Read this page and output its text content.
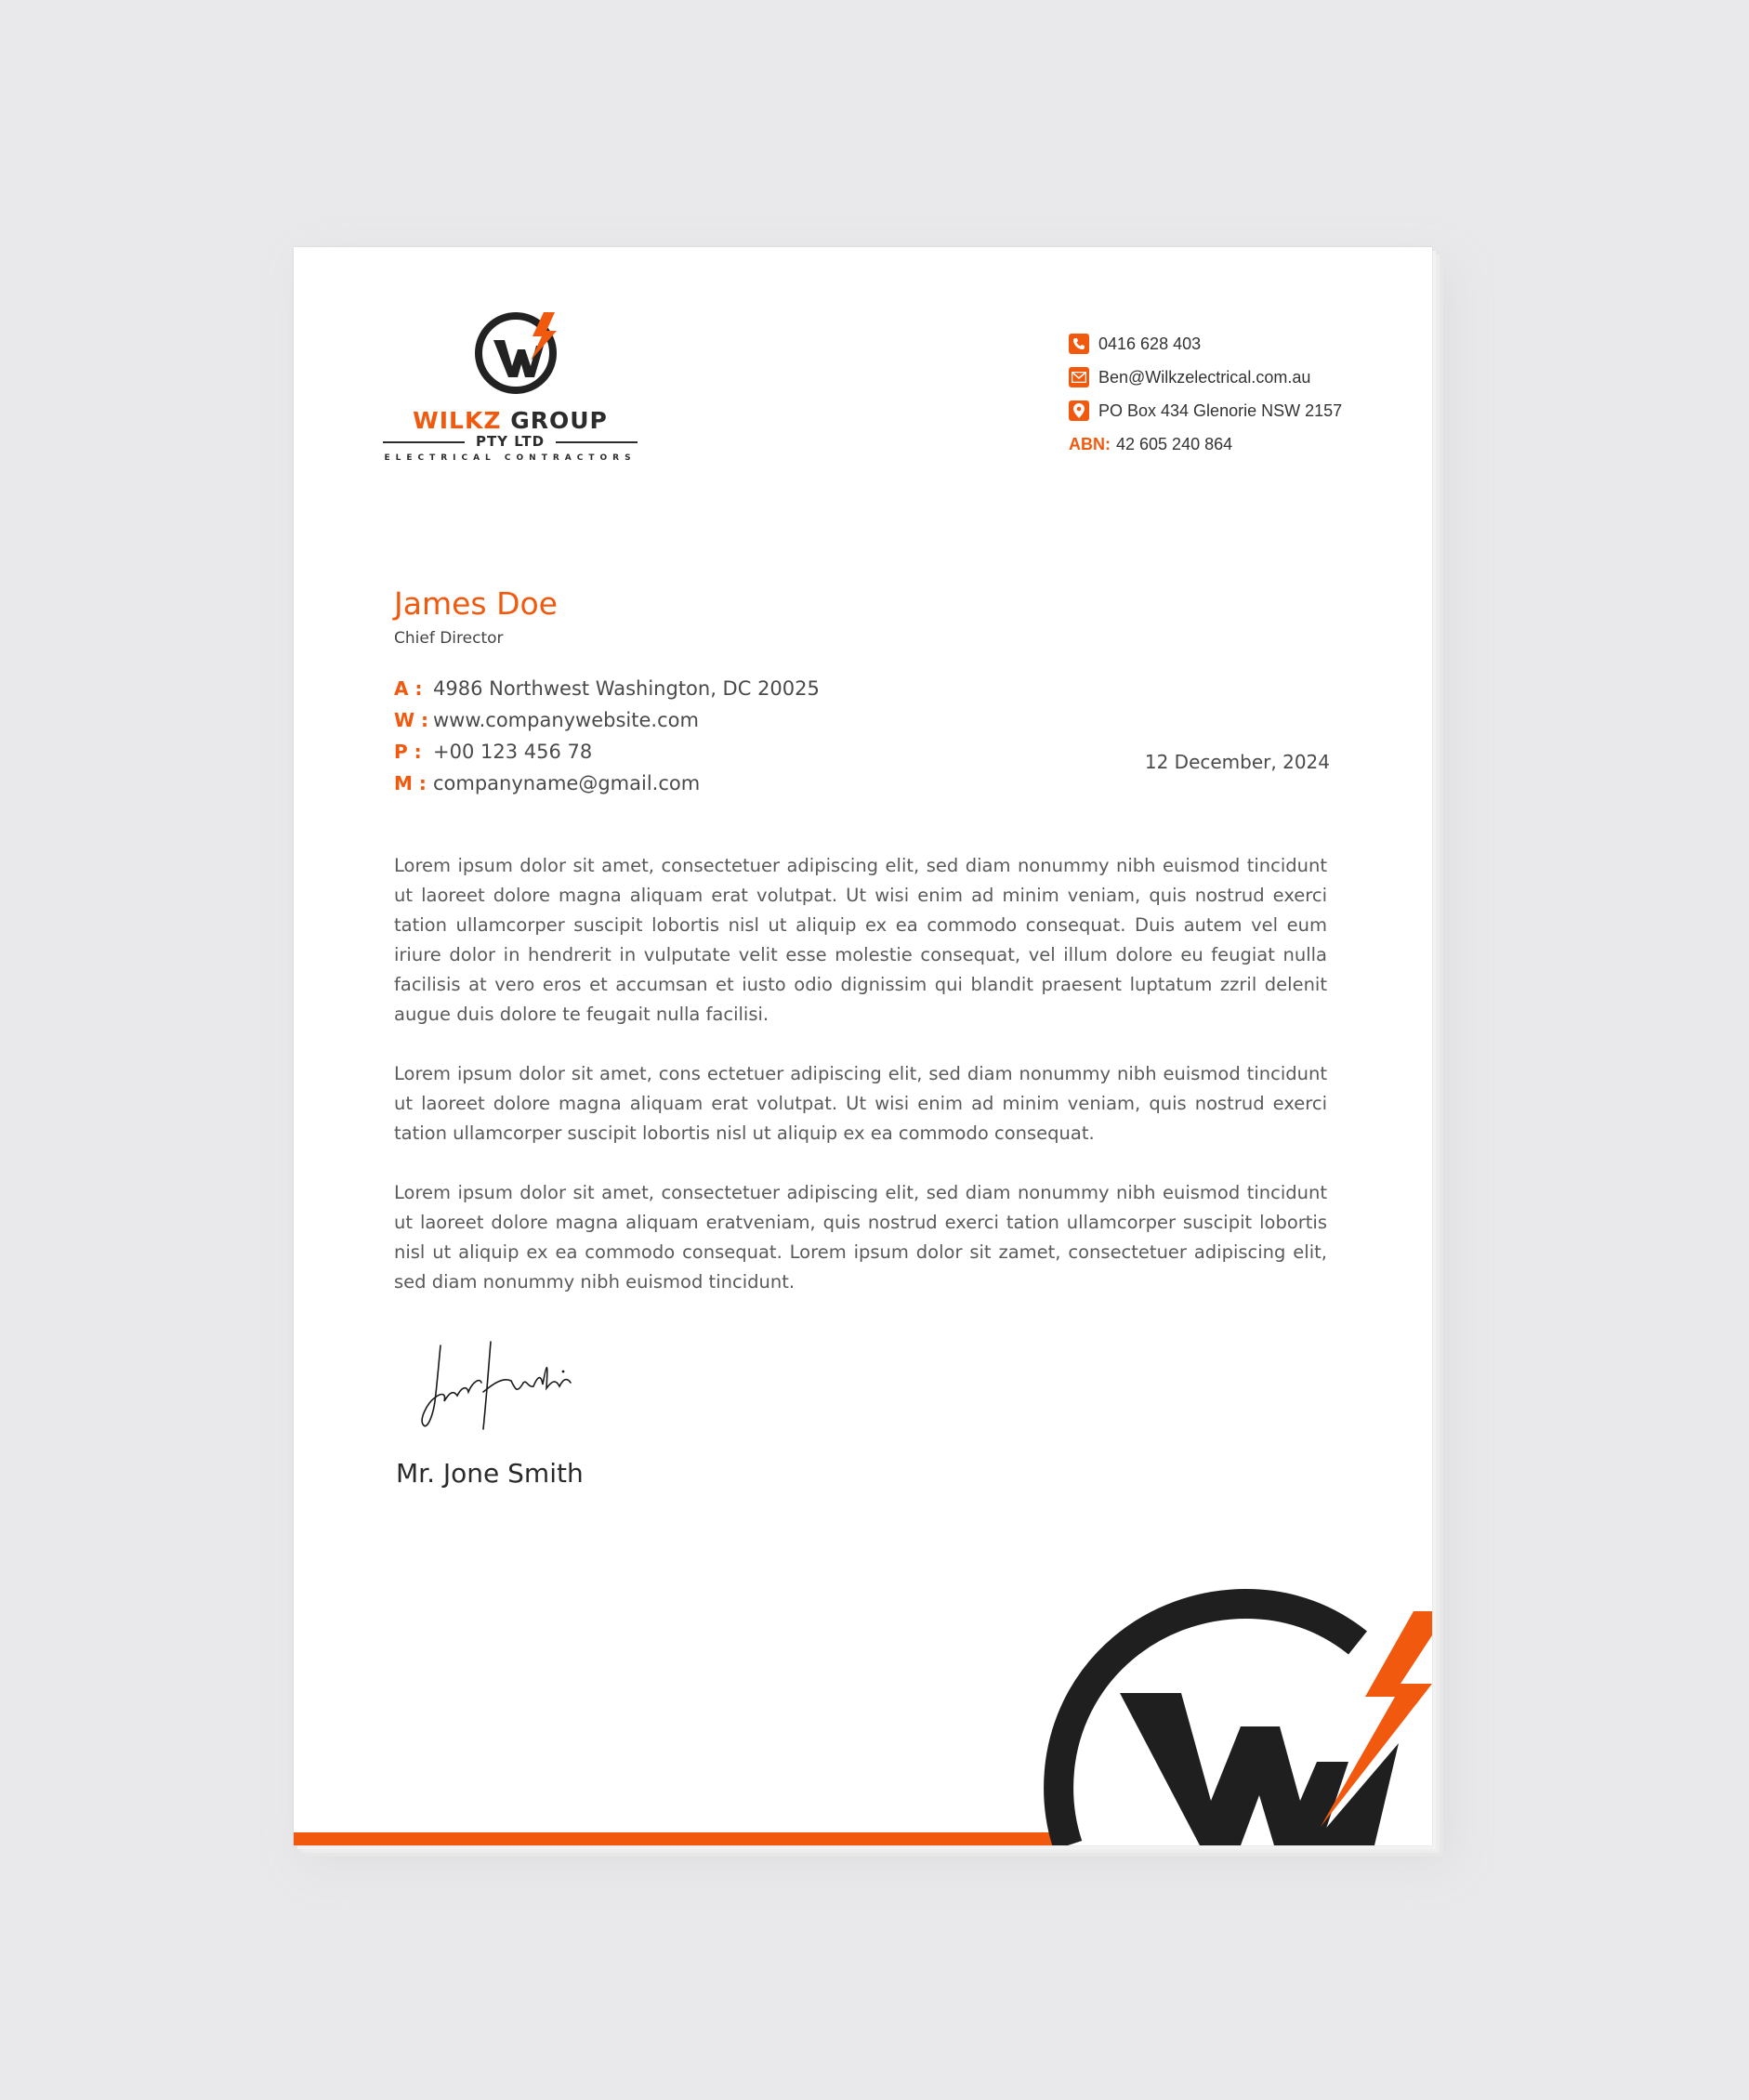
WILKZ GROUP
PTY LTD
ELECTRICAL CONTRACTORS
0416 628 403
Ben@Wilkzelectrical.com.au
PO Box 434 Glenorie NSW 2157
ABN: 42 605 240 864
James Doe
Chief Director
A : 4986 Northwest Washington, DC 20025
W : www.companywebsite.com
P : +00 123 456 78
M : companyname@gmail.com
12 December, 2024

Lorem ipsum dolor sit amet, consectetuer adipiscing elit, sed diam nonummy nibh euismod tincidunt ut laoreet dolore magna aliquam erat volutpat. Ut wisi enim ad minim veniam, quis nostrud exerci tation ullamcorper suscipit lobortis nisl ut aliquip ex ea commodo consequat. Duis autem vel eum iriure dolor in hendrerit in vulputate velit esse molestie consequat, vel illum dolore eu feugiat nulla facilisis at vero eros et accumsan et iusto odio dignissim qui blandit praesent luptatum zzril delenit augue duis dolore te feugait nulla facilisi.

Lorem ipsum dolor sit amet, cons ectetuer adipiscing elit, sed diam nonummy nibh euismod tincidunt ut laoreet dolore magna aliquam erat volutpat. Ut wisi enim ad minim veniam, quis nostrud exerci tation ullamcorper suscipit lobortis nisl ut aliquip ex ea commodo consequat.

Lorem ipsum dolor sit amet, consectetuer adipiscing elit, sed diam nonummy nibh euismod tincidunt ut laoreet dolore magna aliquam eratveniam, quis nostrud exerci tation ullamcorper suscipit lobortis nisl ut aliquip ex ea commodo consequat. Lorem ipsum dolor sit zamet, consectetuer adipiscing elit, sed diam nonummy nibh euismod tincidunt.

Mr. Jone Smith
